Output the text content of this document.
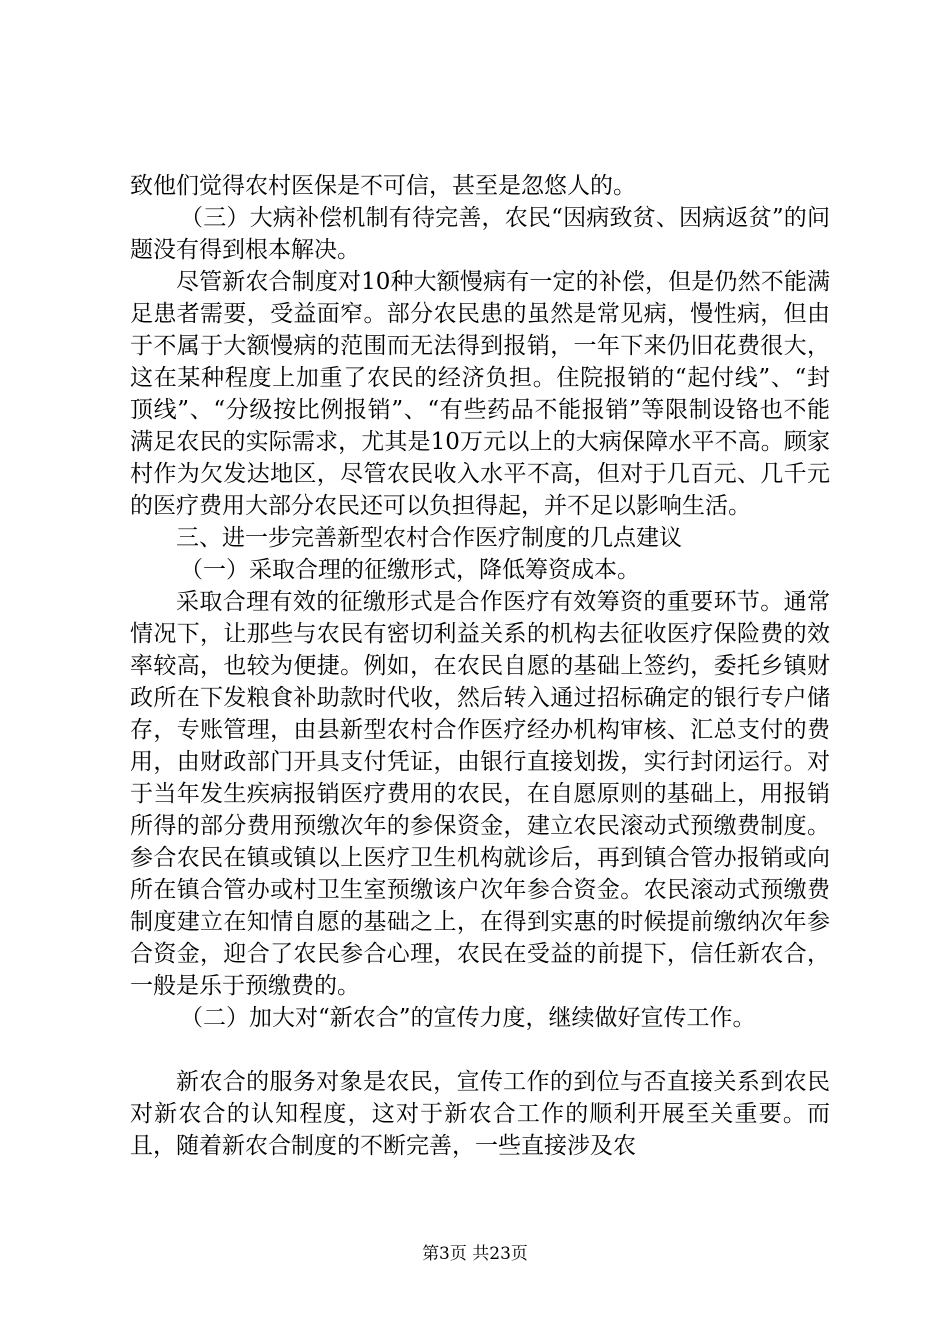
致他们觉得农村医保是不可信，甚至是忽悠人的。

（三）大病补偿机制有待完善，农民“因病致贫、因病返贫”的问题没有得到根本解决。

尽管新农合制度对10种大额慢病有一定的补偿，但是仍然不能满足患者需要，受益面窄。部分农民患的虽然是常见病，慢性病，但由于不属于大额慢病的范围而无法得到报销，一年下来仍旧花费很大，这在某种程度上加重了农民的经济负担。住院报销的“起付线”、“封顶线”、“分级按比例报销”、“有些药品不能报销”等限制设铬也不能满足农民的实际需求，尤其是10万元以上的大病保障水平不高。顾家村作为欠发达地区，尽管农民收入水平不高，但对于几百元、几千元的医疗费用大部分农民还可以负担得起，并不足以影响生活。

三、进一步完善新型农村合作医疗制度的几点建议

（一）采取合理的征缴形式，降低筹资成本。

采取合理有效的征缴形式是合作医疗有效筹资的重要环节。通常情况下，让那些与农民有密切利益关系的机构去征收医疗保险费的效率较高，也较为便捷。例如，在农民自愿的基础上签约，委托乡镇财政所在下发粮食补助款时代收，然后转入通过招标确定的银行专户储存，专账管理，由县新型农村合作医疗经办机构审核、汇总支付的费用，由财政部门开具支付凭证，由银行直接划拨，实行封闭运行。对于当年发生疾病报销医疗费用的农民，在自愿原则的基础上，用报销所得的部分费用预缴次年的参保资金，建立农民滚动式预缴费制度。参合农民在镇或镇以上医疗卫生机构就诊后，再到镇合管办报销或向所在镇合管办或村卫生室预缴该户次年参合资金。农民滚动式预缴费制度建立在知情自愿的基础之上，在得到实惠的时候提前缴纳次年参合资金，迎合了农民参合心理，农民在受益的前提下，信任新农合，一般是乐于预缴费的。

（二）加大对“新农合”的宣传力度，继续做好宣传工作。

新农合的服务对象是农民，宣传工作的到位与否直接关系到农民对新农合的认知程度，这对于新农合工作的顺利开展至关重要。而且，随着新农合制度的不断完善，一些直接涉及农

第3页 共23页
